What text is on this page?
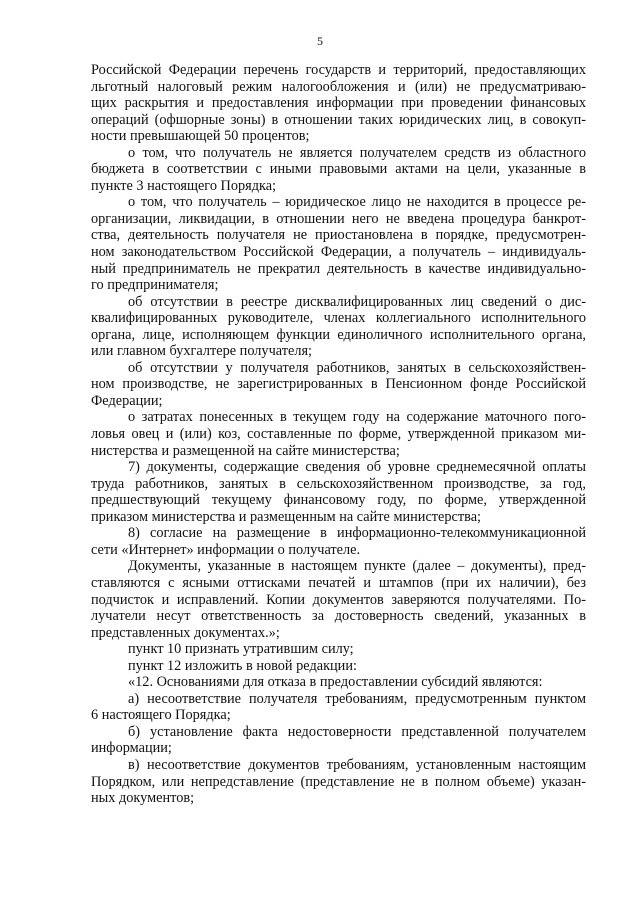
5
Российской Федерации перечень государств и территорий, предоставляющих
льготный налоговый режим налогообложения и (или) не предусматриваю-
щих раскрытия и предоставления информации при проведении финансовых
операций (офшорные зоны) в отношении таких юридических лиц, в совокуп-
ности превышающей 50 процентов;
о том, что получатель не является получателем средств из областного
бюджета в соответствии с иными правовыми актами на цели, указанные в
пункте 3 настоящего Порядка;
о том, что получатель – юридическое лицо не находится в процессе ре-
организации, ликвидации, в отношении него не введена процедура банкрот-
ства, деятельность получателя не приостановлена в порядке, предусмотрен-
ном законодательством Российской Федерации, а получатель – индивидуаль-
ный предприниматель не прекратил деятельность в качестве индивидуально-
го предпринимателя;
об отсутствии в реестре дисквалифицированных лиц сведений о дис-
квалифицированных руководителе, членах коллегиального исполнительного
органа, лице, исполняющем функции единоличного исполнительного органа,
или главном бухгалтере получателя;
об отсутствии у получателя работников, занятых в сельскохозяйствен-
ном производстве, не зарегистрированных в Пенсионном фонде Российской
Федерации;
о затратах понесенных в текущем году на содержание маточного пого-
ловья овец и (или) коз, составленные по форме, утвержденной приказом ми-
нистерства и размещенной на сайте министерства;
7) документы, содержащие сведения об уровне среднемесячной оплаты
труда работников, занятых в сельскохозяйственном производстве, за год,
предшествующий текущему финансовому году, по форме, утвержденной
приказом министерства и размещенным на сайте министерства;
8) согласие на размещение в информационно-телекоммуникационной
сети «Интернет» информации о получателе.
Документы, указанные в настоящем пункте (далее – документы), пред-
ставляются с ясными оттисками печатей и штампов (при их наличии), без
подчисток и исправлений. Копии документов заверяются получателями. По-
лучатели несут ответственность за достоверность сведений, указанных в
представленных документах.»;
пункт 10 признать утратившим силу;
пункт 12 изложить в новой редакции:
«12. Основаниями для отказа в предоставлении субсидий являются:
а) несоответствие получателя требованиям, предусмотренным пунктом
6 настоящего Порядка;
б) установление факта недостоверности представленной получателем
информации;
в) несоответствие документов требованиям, установленным настоящим
Порядком, или непредставление (представление не в полном объеме) указан-
ных документов;
